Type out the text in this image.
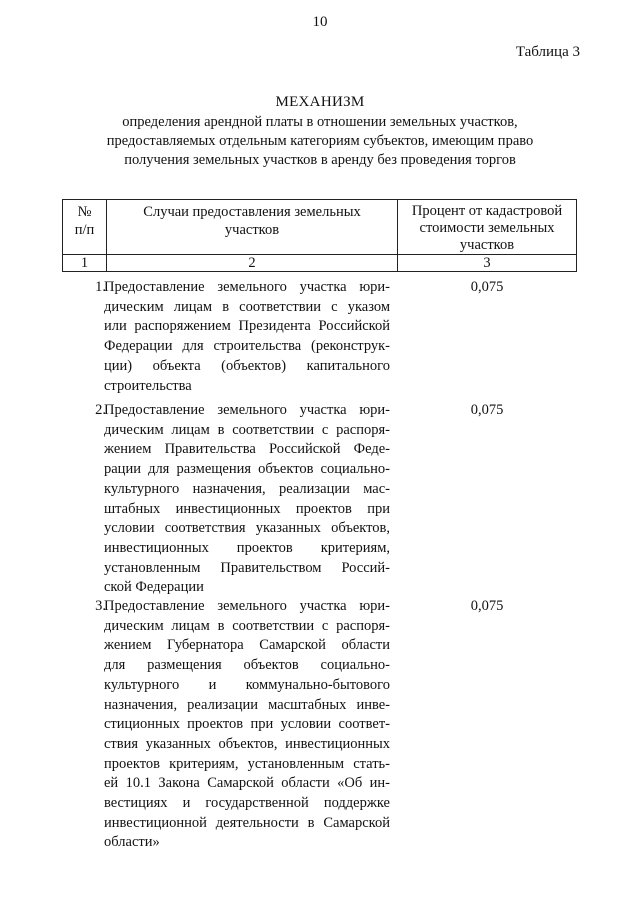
10
Таблица 3
МЕХАНИЗМ
определения арендной платы в отношении земельных участков,
предоставляемых отдельным категориям субъектов, имеющим право
получения земельных участков в аренду без проведения торгов
№
п/п
Случаи предоставления земельных
участков
Процент от кадастровой
стоимости земельных
участков
1	2	3
1.
Предоставление земельного участка юри-
дическим лицам в соответствии с указом
или распоряжением Президента Российской
Федерации для строительства (реконструк-
ции) объекта (объектов) капитального
строительства
0,075
2.
Предоставление земельного участка юри-
дическим лицам в соответствии с распоря-
жением Правительства Российской Феде-
рации для размещения объектов социально-
культурного назначения, реализации мас-
штабных инвестиционных проектов при
условии соответствия указанных объектов,
инвестиционных проектов критериям,
установленным Правительством Россий-
ской Федерации
0,075
3.
Предоставление земельного участка юри-
дическим лицам в соответствии с распоря-
жением Губернатора Самарской области
для размещения объектов социально-
культурного и коммунально-бытового
назначения, реализации масштабных инве-
стиционных проектов при условии соответ-
ствия указанных объектов, инвестиционных
проектов критериям, установленным стать-
ей 10.1 Закона Самарской области «Об ин-
вестициях и государственной поддержке
инвестиционной деятельности в Самарской
области»
0,075
